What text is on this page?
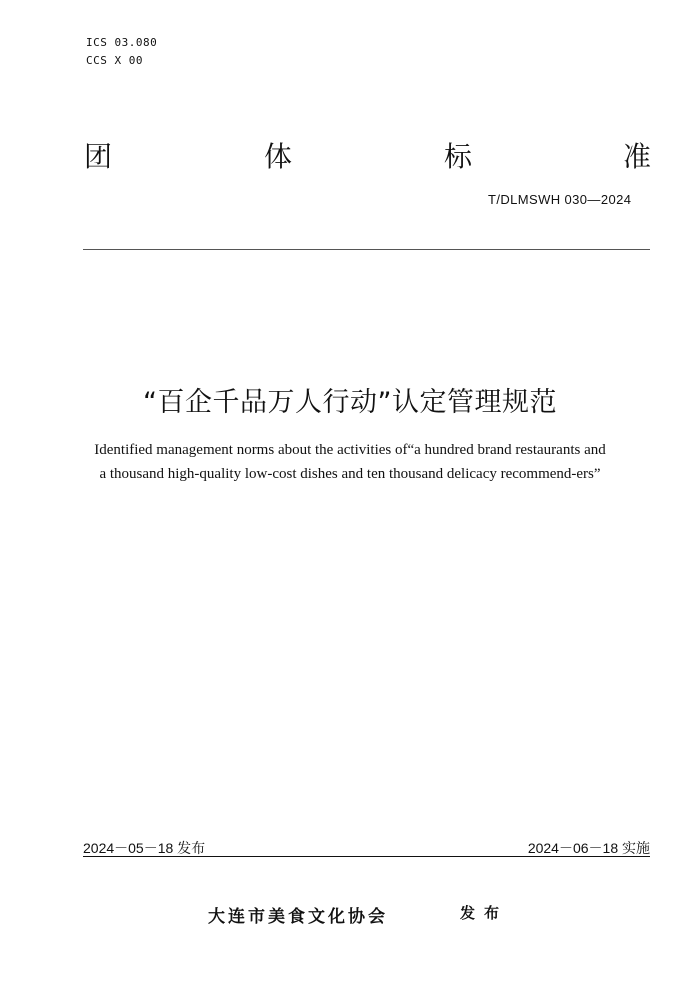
ICS 03.080
CCS X 00
团	体	标	准
T/DLMSWH 030—2024
“百企千品万人行动”认定管理规范
Identified management norms about the activities of“a hundred brand restaurants and
a thousand high-quality low-cost dishes and ten thousand delicacy recommend-ers”
2024－05－18 发布	2024－06－18 实施
大连市美食文化协会	发布
